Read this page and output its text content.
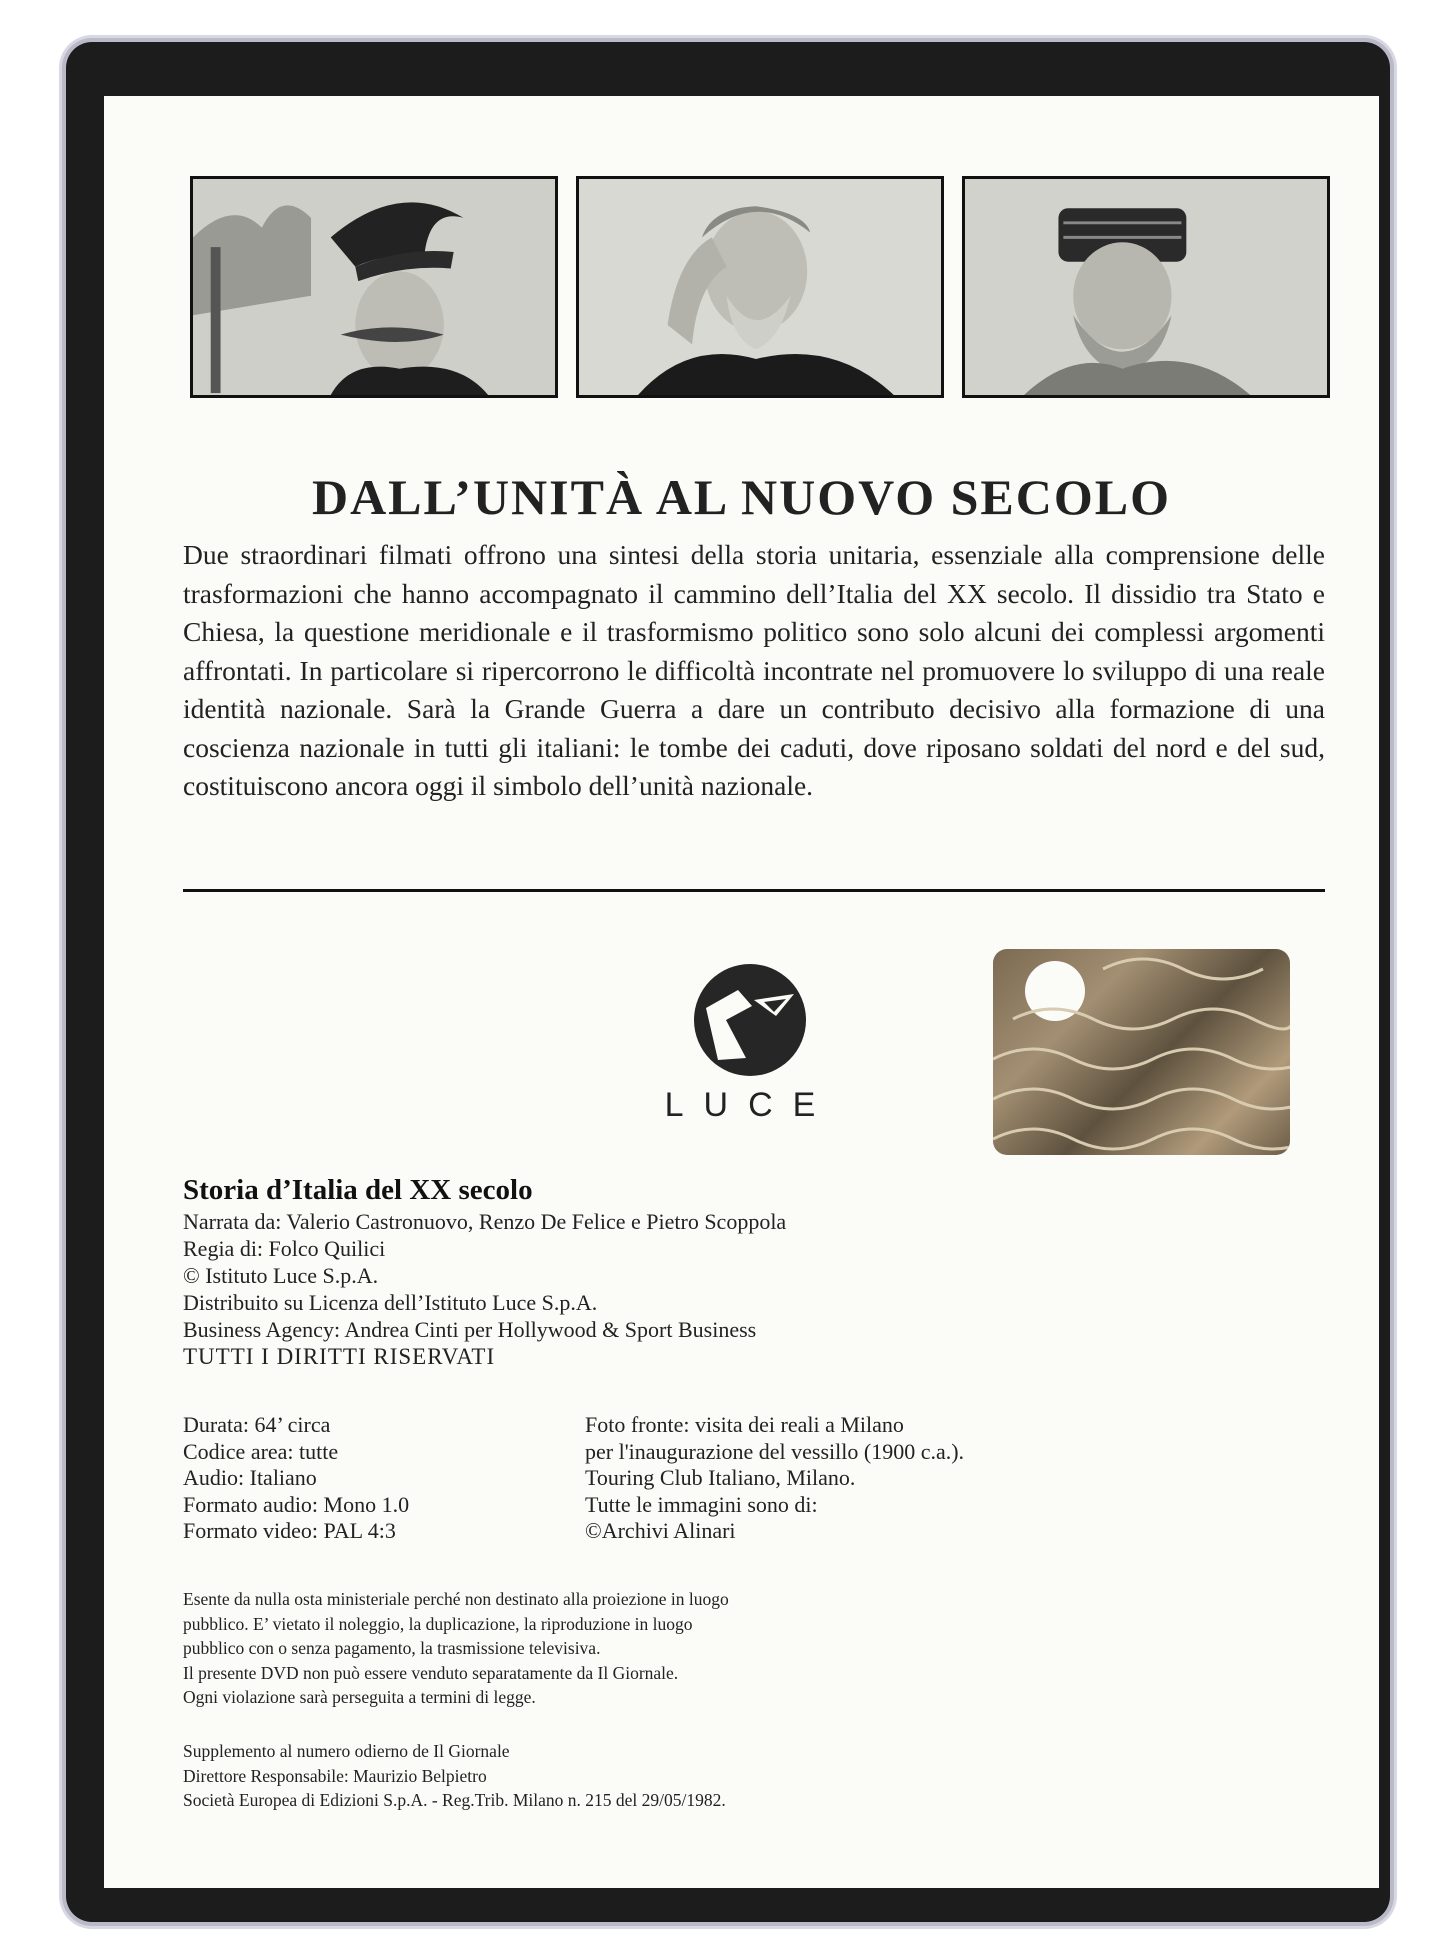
DALL’UNITÀ AL NUOVO SECOLO
Due straordinari filmati offrono una sintesi della storia unitaria, essenziale alla comprensione delle trasformazioni che hanno accompagnato il cammino dell’Italia del XX secolo. Il dissidio tra Stato e Chiesa, la questione meridionale e il trasformismo politico sono solo alcuni dei complessi argomenti affrontati. In particolare si ripercorrono le difficoltà incontrate nel promuovere lo sviluppo di una reale identità nazionale. Sarà la Grande Guerra a dare un contributo decisivo alla formazione di una coscienza nazionale in tutti gli italiani: le tombe dei caduti, dove riposano soldati del nord e del sud, costituiscono ancora oggi il simbolo dell’unità nazionale.
LUCE
Storia d’Italia del XX secolo
Narrata da: Valerio Castronuovo, Renzo De Felice e Pietro Scoppola
Regia di: Folco Quilici
© Istituto Luce S.p.A.
Distribuito su Licenza dell’Istituto Luce S.p.A.
Business Agency: Andrea Cinti per Hollywood & Sport Business
TUTTI I DIRITTI RISERVATI
Durata: 64’ circa
Codice area: tutte
Audio: Italiano
Formato audio: Mono 1.0
Formato video: PAL 4:3
Foto fronte: visita dei reali a Milano
per l'inaugurazione del vessillo (1900 c.a.).
Touring Club Italiano, Milano.
Tutte le immagini sono di:
©Archivi Alinari
Esente da nulla osta ministeriale perché non destinato alla proiezione in luogo
pubblico. E’ vietato il noleggio, la duplicazione, la riproduzione in luogo
pubblico con o senza pagamento, la trasmissione televisiva.
Il presente DVD non può essere venduto separatamente da Il Giornale.
Ogni violazione sarà perseguita a termini di legge.
Supplemento al numero odierno de Il Giornale
Direttore Responsabile: Maurizio Belpietro
Società Europea di Edizioni S.p.A. - Reg.Trib. Milano n. 215 del 29/05/1982.
